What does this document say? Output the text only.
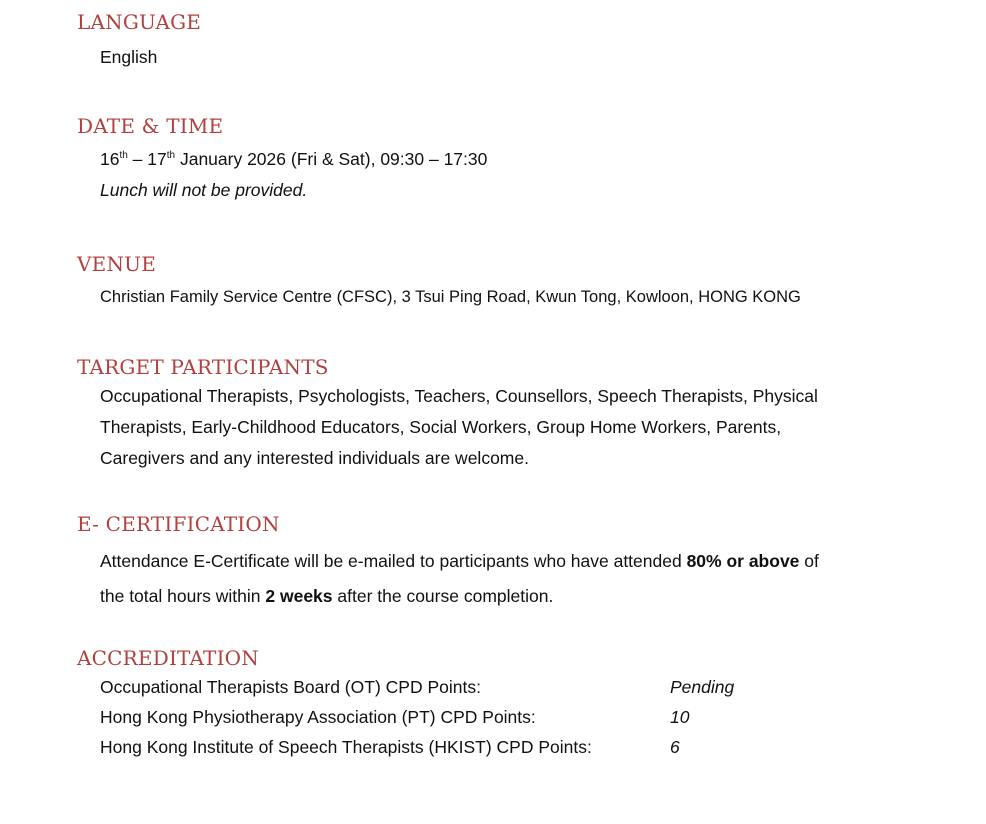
LANGUAGE
English
DATE & TIME
16th – 17th January 2026 (Fri & Sat), 09:30 – 17:30
Lunch will not be provided.
VENUE
Christian Family Service Centre (CFSC), 3 Tsui Ping Road, Kwun Tong, Kowloon, HONG KONG
TARGET PARTICIPANTS
Occupational Therapists, Psychologists, Teachers, Counsellors, Speech Therapists, Physical
Therapists, Early-Childhood Educators, Social Workers, Group Home Workers, Parents,
Caregivers and any interested individuals are welcome.
E- CERTIFICATION
Attendance E-Certificate will be e-mailed to participants who have attended 80% or above of
the total hours within 2 weeks after the course completion.
ACCREDITATION
Occupational Therapists Board (OT) CPD Points:	Pending
Hong Kong Physiotherapy Association (PT) CPD Points:	10
Hong Kong Institute of Speech Therapists (HKIST) CPD Points:	6
